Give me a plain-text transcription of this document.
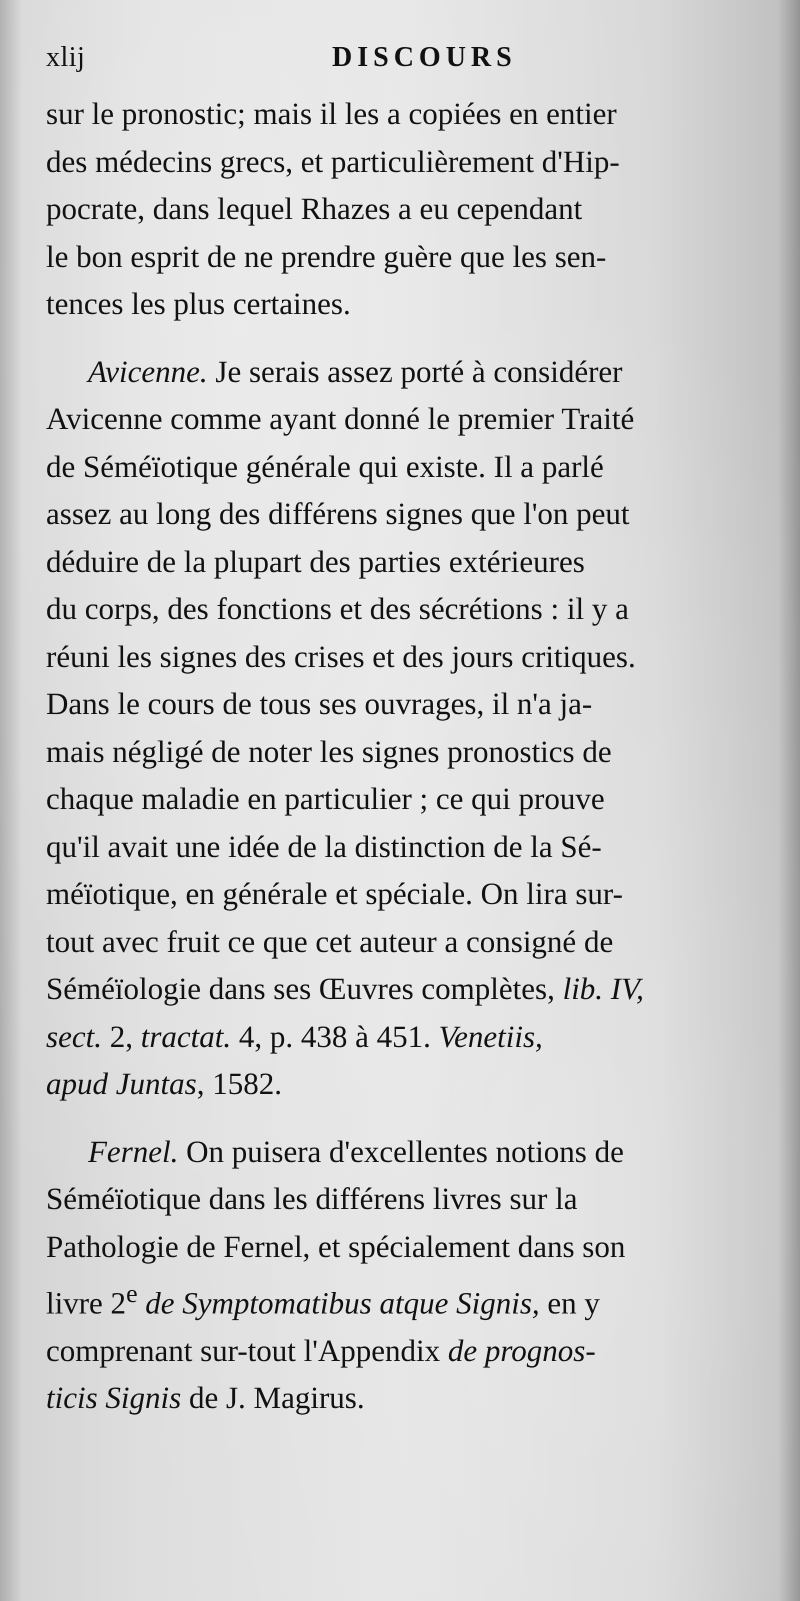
xlij	DISCOURS

sur le pronostic; mais il les a copiées en entier
des médecins grecs, et particulièrement d'Hip-
pocrate, dans lequel Rhazes a eu cependant
le bon esprit de ne prendre guère que les sen-
tences les plus certaines.

Avicenne. Je serais assez porté à considérer
Avicenne comme ayant donné le premier Traité
de Séméïotique générale qui existe. Il a parlé
assez au long des différens signes que l'on peut
déduire de la plupart des parties extérieures
du corps, des fonctions et des sécrétions : il y a
réuni les signes des crises et des jours critiques.
Dans le cours de tous ses ouvrages, il n'a ja-
mais négligé de noter les signes pronostics de
chaque maladie en particulier ; ce qui prouve
qu'il avait une idée de la distinction de la Sé-
méïotique, en générale et spéciale. On lira sur-
tout avec fruit ce que cet auteur a consigné de
Séméïologie dans ses Œuvres complètes, lib. IV,
sect. 2, tractat. 4, p. 438 à 451. Venetiis,
apud Juntas, 1582.

Fernel. On puisera d'excellentes notions de
Séméïotique dans les différens livres sur la
Pathologie de Fernel, et spécialement dans son
livre 2e de Symptomatibus atque Signis, en y
comprenant sur-tout l'Appendix de prognos-
ticis Signis de J. Magirus.
